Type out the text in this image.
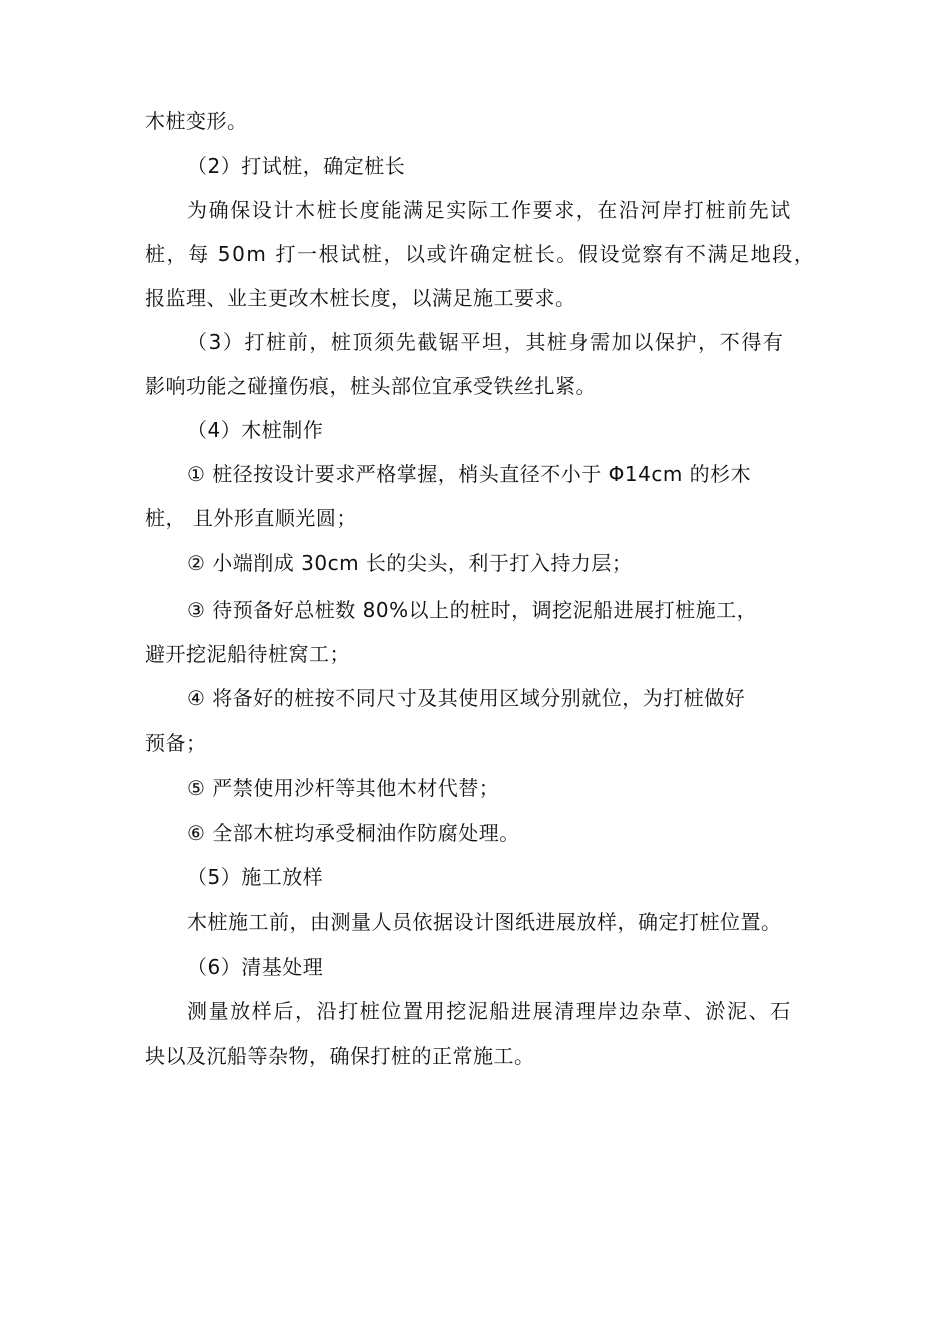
木桩变形。
（2）打试桩，确定桩长
为确保设计木桩长度能满足实际工作要求，在沿河岸打桩前先试
桩，每 50m 打一根试桩，以或许确定桩长。假设觉察有不满足地段，
报监理、业主更改木桩长度，以满足施工要求。
（3）打桩前，桩顶须先截锯平坦，其桩身需加以保护，不得有
影响功能之碰撞伤痕，桩头部位宜承受铁丝扎紧。
（4）木桩制作
① 桩径按设计要求严格掌握，梢头直径不小于 Φ14cm 的杉木
桩， 且外形直顺光圆；
② 小端削成 30cm 长的尖头，利于打入持力层；
③ 待预备好总桩数 80%以上的桩时，调挖泥船进展打桩施工，
避开挖泥船待桩窝工；
④ 将备好的桩按不同尺寸及其使用区域分别就位，为打桩做好
预备；
⑤ 严禁使用沙杆等其他木材代替；
⑥ 全部木桩均承受桐油作防腐处理。
（5）施工放样
木桩施工前，由测量人员依据设计图纸进展放样，确定打桩位置。
（6）清基处理
测量放样后，沿打桩位置用挖泥船进展清理岸边杂草、淤泥、石
块以及沉船等杂物，确保打桩的正常施工。
